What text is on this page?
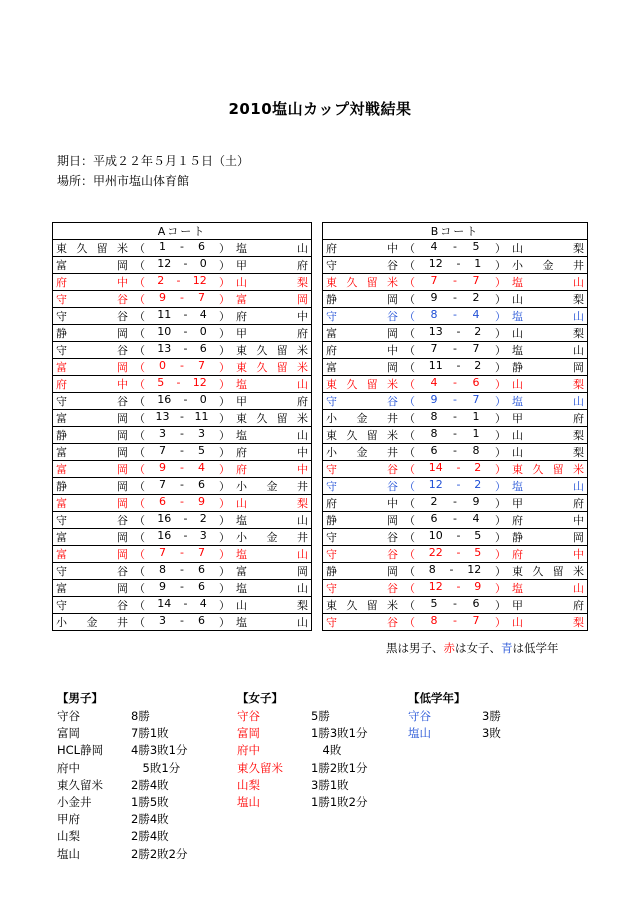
2010塩山カップ対戦結果
期日：平成２２年５月１５日（土）
場所：甲州市塩山体育館
Aコート

東 久 留 米 （ 1 - 6 ） 塩	山

富	岡 （ 12 - 0 ） 甲	府

府	中 （ 2 - 12 ） 山	梨

守	谷 （ 9 - 7 ） 富	岡

守	谷 （ 11 - 4 ） 府	中

静	岡 （ 10 - 0 ） 甲	府

守	谷 （ 13 - 6 ） 東 久 留 米

富	岡 （ 0 - 7 ） 東 久 留 米

府	中 （ 5 - 12 ） 塩	山

守	谷 （ 16 - 0 ） 甲	府

富	岡 （ 13 - 11 ） 東 久 留 米

静	岡 （ 3 - 3 ） 塩	山

富	岡 （ 7 - 5 ） 府	中

富	岡 （ 9 - 4 ） 府	中

静	岡 （ 7 - 6 ） 小 金 井

富	岡 （ 6 - 9 ） 山	梨

守	谷 （ 16 - 2 ） 塩	山

富	岡 （ 16 - 3 ） 小 金 井

富	岡 （ 7 - 7 ） 塩	山

守	谷 （ 8 - 6 ） 富	岡

富	岡 （ 9 - 6 ） 塩	山

守	谷 （ 14 - 4 ） 山	梨

小 金 井 （ 3 - 6 ） 塩	山
Bコート

府	中 （ 4 - 5 ） 山	梨

守	谷 （ 12 - 1 ） 小 金 井

東 久 留 米 （ 7 - 7 ） 塩	山

静	岡 （ 9 - 2 ） 山	梨

守	谷 （ 8 - 4 ） 塩	山

富	岡 （ 13 - 2 ） 山	梨

府	中 （ 7 - 7 ） 塩	山

富	岡 （ 11 - 2 ） 静	岡

東 久 留 米 （ 4 - 6 ） 山	梨

守	谷 （ 9 - 7 ） 塩	山

小 金 井 （ 8 - 1 ） 甲	府

東 久 留 米 （ 8 - 1 ） 山	梨

小 金 井 （ 6 - 8 ） 山	梨

守	谷 （ 14 - 2 ） 東 久 留 米

守	谷 （ 12 - 2 ） 塩	山

府	中 （ 2 - 9 ） 甲	府

静	岡 （ 6 - 4 ） 府	中

守	谷 （ 10 - 5 ） 静	岡

守	谷 （ 22 - 5 ） 府	中

静	岡 （ 8 - 12 ） 東 久 留 米

守	谷 （ 12 - 9 ） 塩	山

東 久 留 米 （ 5 - 6 ） 甲	府

守	谷 （ 8 - 7 ） 山	梨
黒は男子、赤は女子、青は低学年
【男子】
守谷	8勝
富岡	7勝1敗
HCL静岡	4勝3敗1分
府中	　5敗1分
東久留米	2勝4敗
小金井	1勝5敗
甲府	2勝4敗
山梨	2勝4敗
塩山	2勝2敗2分
【女子】
守谷	5勝
富岡	1勝3敗1分
府中	　4敗
東久留米	1勝2敗1分
山梨	3勝1敗
塩山	1勝1敗2分
【低学年】
守谷	3勝
塩山	3敗
